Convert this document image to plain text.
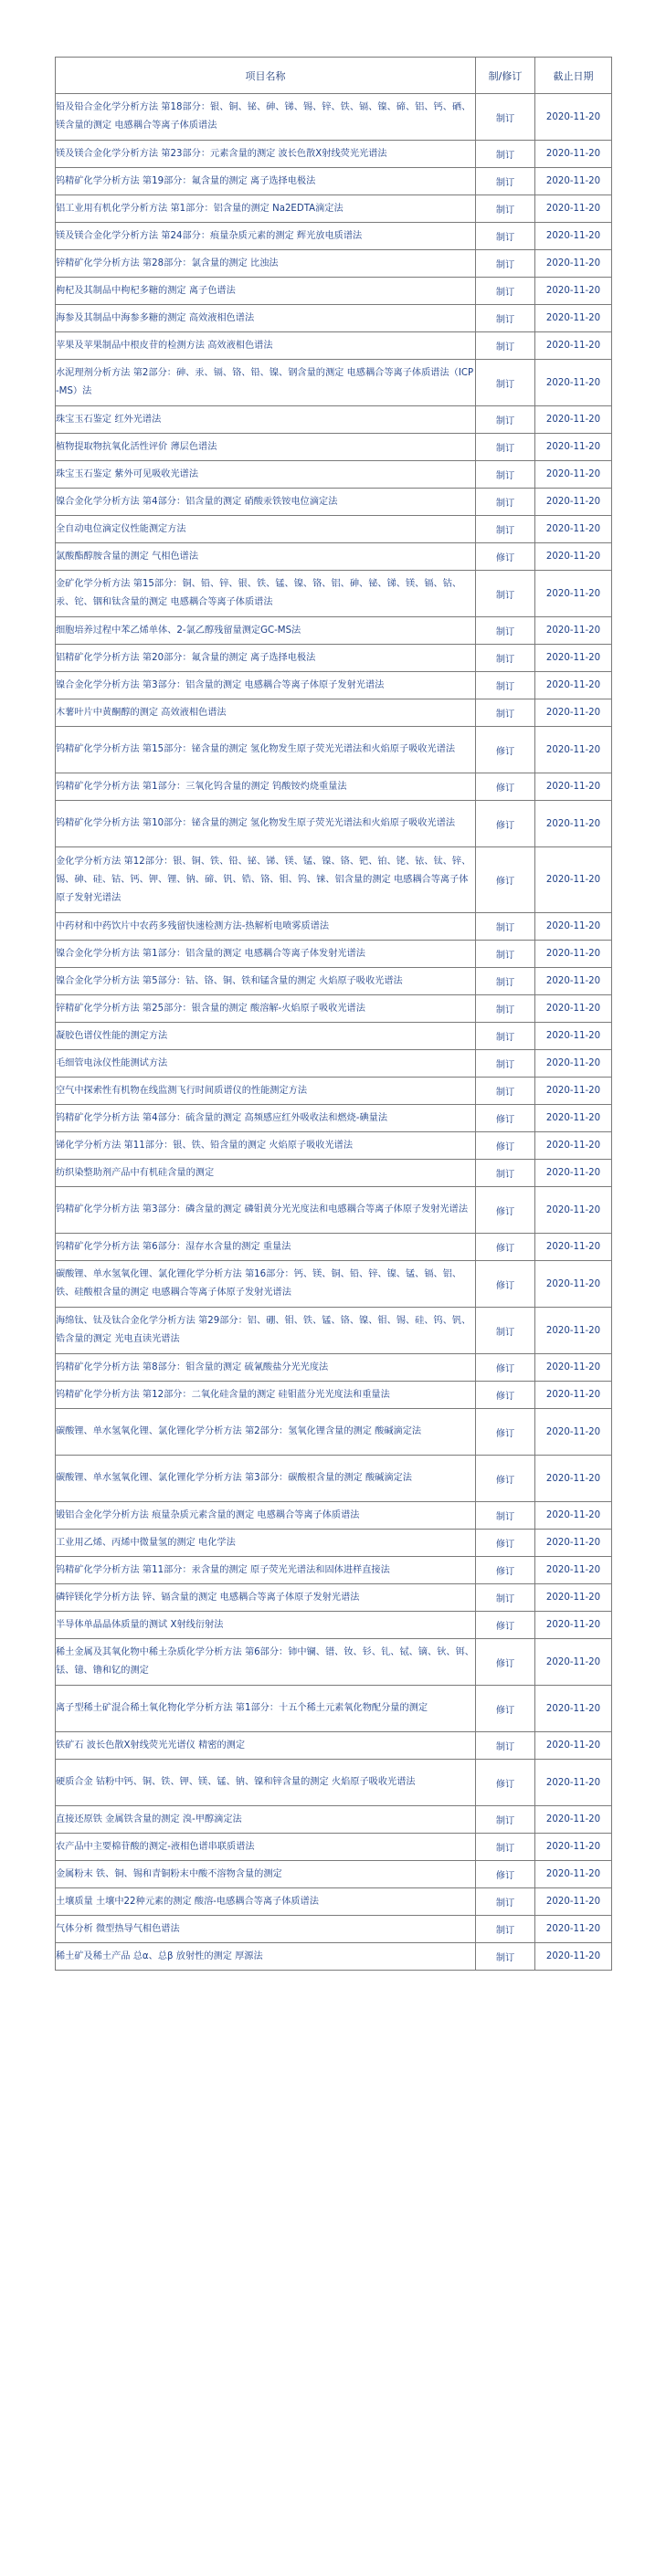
项目名称	制/修订	截止日期
铅及铅合金化学分析方法 第18部分：银、铜、铋、砷、锑、锡、锌、铁、镉、镍、碲、铝、钙、硒、镁含量的测定 电感耦合等离子体质谱法	制订	2020-11-20
镁及镁合金化学分析方法 第23部分：元素含量的测定 波长色散X射线荧光光谱法	制订	2020-11-20
钨精矿化学分析方法 第19部分：氟含量的测定 离子选择电极法	制订	2020-11-20
铝工业用有机化学分析方法 第1部分：铝含量的测定 Na2EDTA滴定法	制订	2020-11-20
镁及镁合金化学分析方法 第24部分：痕量杂质元素的测定 辉光放电质谱法	制订	2020-11-20
锌精矿化学分析方法 第28部分：氯含量的测定 比浊法	制订	2020-11-20
枸杞及其制品中枸杞多糖的测定 离子色谱法	制订	2020-11-20
海参及其制品中海参多糖的测定 高效液相色谱法	制订	2020-11-20
苹果及苹果制品中根皮苷的检测方法 高效液相色谱法	制订	2020-11-20
水泥理剂分析方法 第2部分：砷、汞、镉、铬、铅、镍、钢含量的测定 电感耦合等离子体质谱法（ICP-MS）法	制订	2020-11-20
珠宝玉石鉴定 红外光谱法	制订	2020-11-20
植物提取物抗氧化活性评价 薄层色谱法	制订	2020-11-20
珠宝玉石鉴定 紫外可见吸收光谱法	制订	2020-11-20
镍合金化学分析方法 第4部分：铝含量的测定 硝酸汞铁铵电位滴定法	制订	2020-11-20
全自动电位滴定仪性能测定方法	制订	2020-11-20
氯酸酯醇胺含量的测定 气相色谱法	修订	2020-11-20
金矿化学分析方法 第15部分：铜、铅、锌、银、铁、锰、镍、铬、铝、砷、铋、锑、镁、镉、钴、汞、铊、铟和钛含量的测定 电感耦合等离子体质谱法	制订	2020-11-20
细胞培养过程中苯乙烯单体、2-氯乙醇残留量测定GC-MS法	制订	2020-11-20
铝精矿化学分析方法 第20部分：氟含量的测定 离子选择电极法	制订	2020-11-20
镍合金化学分析方法 第3部分：铝含量的测定 电感耦合等离子体原子发射光谱法	制订	2020-11-20
木薯叶片中黄酮醇的测定 高效液相色谱法	制订	2020-11-20
钨精矿化学分析方法 第15部分：铋含量的测定 氢化物发生原子荧光光谱法和火焰原子吸收光谱法	修订	2020-11-20
钨精矿化学分析方法 第1部分：三氧化钨含量的测定 钨酸铵灼烧重量法	修订	2020-11-20
钨精矿化学分析方法 第10部分：铋含量的测定 氢化物发生原子荧光光谱法和火焰原子吸收光谱法	修订	2020-11-20
金化学分析方法 第12部分：银、铜、铁、铅、铋、锑、镁、锰、镍、铬、钯、铂、铑、铱、钛、锌、锡、砷、硅、钴、钙、钾、锂、钠、碲、钒、锆、铬、钼、钨、铼、铝含量的测定 电感耦合等离子体原子发射光谱法	修订	2020-11-20
中药材和中药饮片中农药多残留快速检测方法-热解析电喷雾质谱法	制订	2020-11-20
镍合金化学分析方法 第1部分：铝含量的测定 电感耦合等离子体发射光谱法	制订	2020-11-20
镍合金化学分析方法 第5部分：钴、铬、铜、铁和锰含量的测定 火焰原子吸收光谱法	制订	2020-11-20
锌精矿化学分析方法 第25部分：银含量的测定 酸溶解-火焰原子吸收光谱法	制订	2020-11-20
凝胶色谱仪性能的测定方法	制订	2020-11-20
毛细管电泳仪性能测试方法	制订	2020-11-20
空气中探索性有机物在线监测飞行时间质谱仪的性能测定方法	制订	2020-11-20
钨精矿化学分析方法 第4部分：硫含量的测定 高频感应红外吸收法和燃烧-碘量法	修订	2020-11-20
锑化学分析方法 第11部分：银、铁、铅含量的测定 火焰原子吸收光谱法	修订	2020-11-20
纺织染整助剂产品中有机硅含量的测定	制订	2020-11-20
钨精矿化学分析方法 第3部分：磷含量的测定 磷钼黄分光光度法和电感耦合等离子体原子发射光谱法	修订	2020-11-20
钨精矿化学分析方法 第6部分：湿存水含量的测定 重量法	修订	2020-11-20
碳酸锂、单水氢氧化锂、氯化锂化学分析方法 第16部分：钙、镁、铜、铅、锌、镍、锰、镉、铝、铁、硅酸根含量的测定 电感耦合等离子体原子发射光谱法	修订	2020-11-20
海绵钛、钛及钛合金化学分析方法 第29部分：铝、硼、钼、铁、锰、铬、镍、钼、锡、硅、钨、钒、锆含量的测定 光电直读光谱法	制订	2020-11-20
钨精矿化学分析方法 第8部分：钼含量的测定 硫氰酸盐分光光度法	修订	2020-11-20
钨精矿化学分析方法 第12部分：二氧化硅含量的测定 硅钼蓝分光光度法和重量法	修订	2020-11-20
碳酸锂、单水氢氧化锂、氯化锂化学分析方法 第2部分：氢氧化锂含量的测定 酸碱滴定法	修订	2020-11-20
碳酸锂、单水氢氧化锂、氯化锂化学分析方法 第3部分：碳酸根含量的测定 酸碱滴定法	修订	2020-11-20
锻铝合金化学分析方法 痕量杂质元素含量的测定 电感耦合等离子体质谱法	制订	2020-11-20
工业用乙烯、丙烯中微量氢的测定 电化学法	修订	2020-11-20
钨精矿化学分析方法 第11部分：汞含量的测定 原子荧光光谱法和固体进样直接法	修订	2020-11-20
磷锌镁化学分析方法 锌、镉含量的测定 电感耦合等离子体原子发射光谱法	制订	2020-11-20
半导体单晶晶体质量的测试 X射线衍射法	修订	2020-11-20
稀土金属及其氧化物中稀土杂质化学分析方法 第6部分：铈中镧、镨、钕、钐、钆、铽、镝、钬、铒、铥、镱、镥和钇的测定	修订	2020-11-20
离子型稀土矿混合稀土氧化物化学分析方法 第1部分：十五个稀土元素氧化物配分量的测定	修订	2020-11-20
铁矿石 波长色散X射线荧光光谱仪 精密的测定	制订	2020-11-20
硬质合金 钴粉中钙、铜、铁、钾、镁、锰、钠、镍和锌含量的测定 火焰原子吸收光谱法	修订	2020-11-20
直接还原铁 金属铁含量的测定 溴-甲醇滴定法	制订	2020-11-20
农产品中主要棉苷酸的测定-液相色谱串联质谱法	制订	2020-11-20
金属粉末 铁、铜、锡和青铜粉末中酸不溶物含量的测定	修订	2020-11-20
土壤质量 土壤中22种元素的测定 酸溶-电感耦合等离子体质谱法	制订	2020-11-20
气体分析 微型热导气相色谱法	制订	2020-11-20
稀土矿及稀土产品 总α、总β 放射性的测定 厚源法	制订	2020-11-20
